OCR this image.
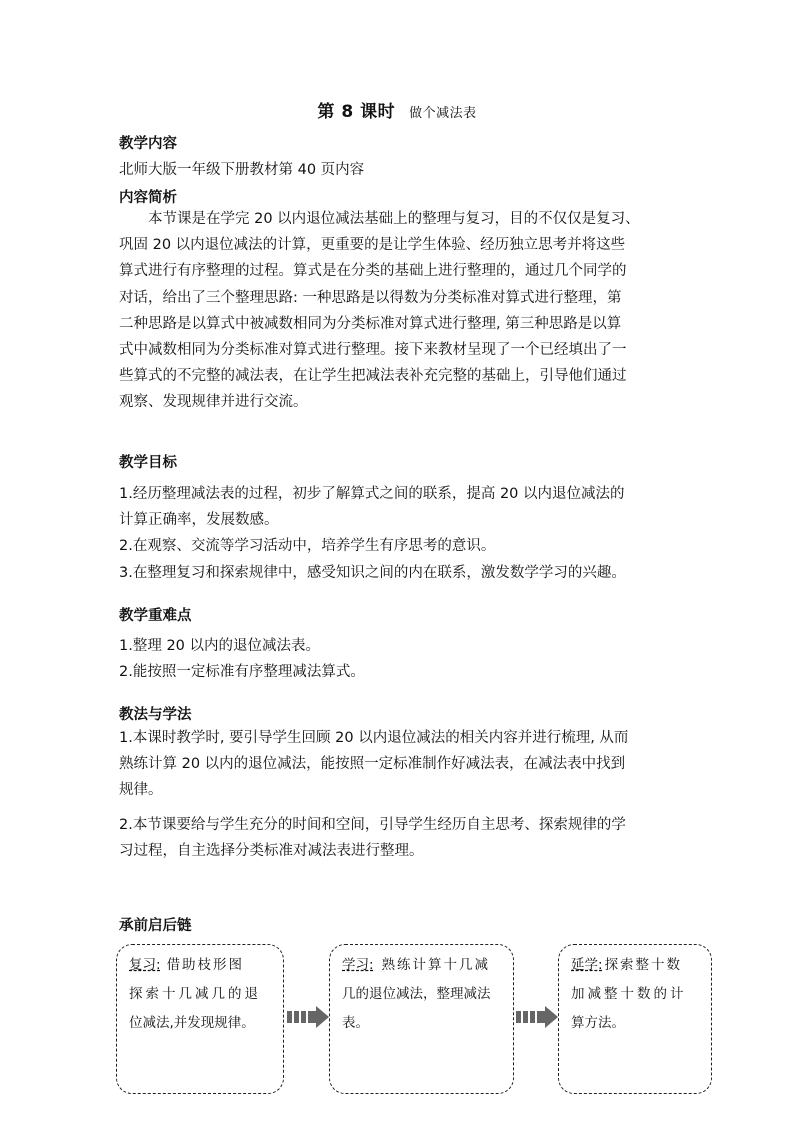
第 8 课时 做个减法表
教学内容
北师大版一年级下册教材第 40 页内容
内容简析
本节课是在学完 20 以内退位减法基础上的整理与复习，目的不仅仅是复习、
巩固 20 以内退位减法的计算，更重要的是让学生体验、经历独立思考并将这些
算式进行有序整理的过程。算式是在分类的基础上进行整理的，通过几个同学的
对话，给出了三个整理思路: 一种思路是以得数为分类标准对算式进行整理，第
二种思路是以算式中被减数相同为分类标准对算式进行整理, 第三种思路是以算
式中减数相同为分类标准对算式进行整理。接下来教材呈现了一个已经填出了一
些算式的不完整的减法表，在让学生把减法表补充完整的基础上，引导他们通过
观察、发现规律并进行交流。
教学目标
1.经历整理减法表的过程，初步了解算式之间的联系，提高 20 以内退位减法的
计算正确率，发展数感。
2.在观察、交流等学习活动中，培养学生有序思考的意识。
3.在整理复习和探索规律中，感受知识之间的内在联系，激发数学学习的兴趣。
教学重难点
1.整理 20 以内的退位减法表。
2.能按照一定标准有序整理减法算式。
教法与学法
1.本课时教学时, 要引导学生回顾 20 以内退位减法的相关内容并进行梳理, 从而
熟练计算 20 以内的退位减法，能按照一定标准制作好减法表，在减法表中找到
规律。
2.本节课要给与学生充分的时间和空间，引导学生经历自主思考、探索规律的学
习过程，自主选择分类标准对减法表进行整理。
承前启后链
复习: 借助枝形图
探索十几减几的退
位减法,并发现规律。
学习: 熟练计算十几减
几的退位减法，整理减法
表。
延学: 探索整十数
加减整十数的计
算方法。
